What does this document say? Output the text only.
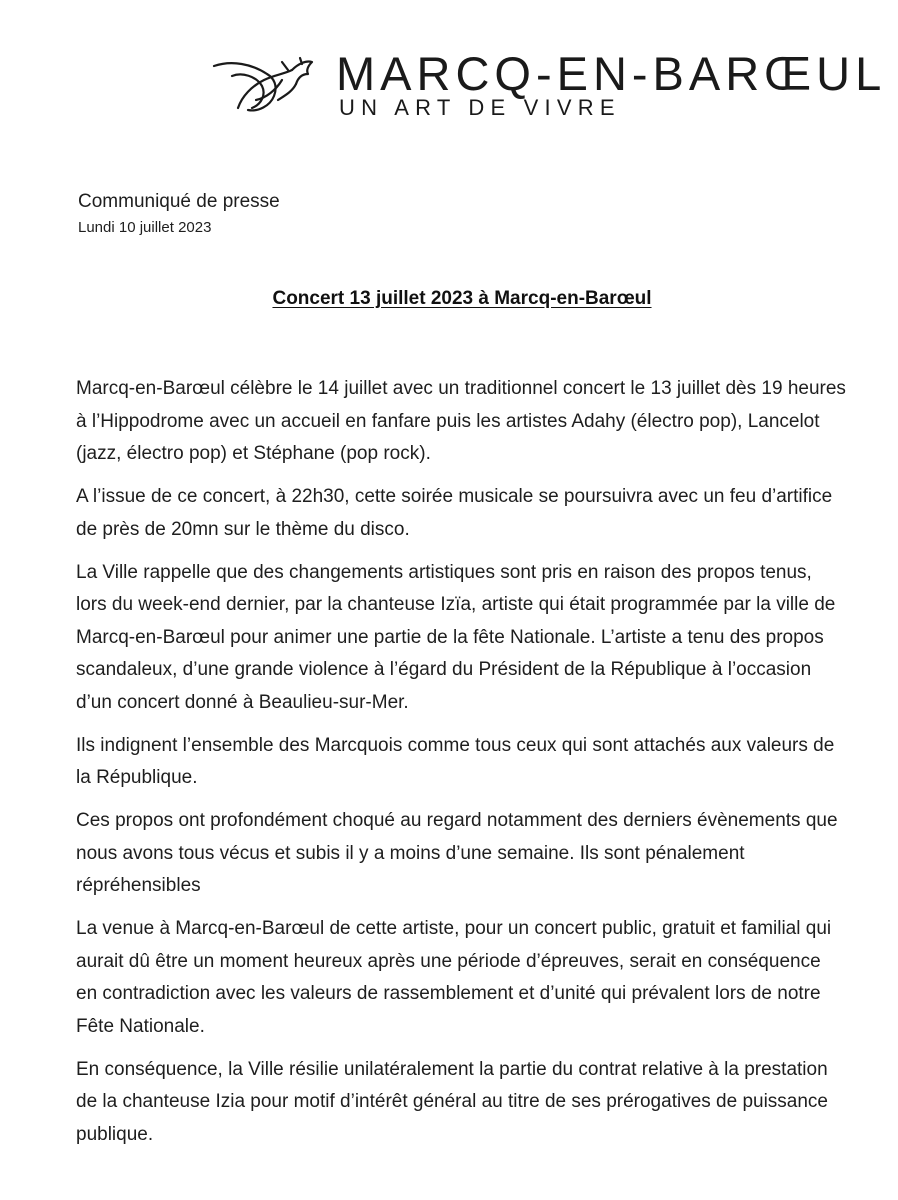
MARCQ-EN-BARŒUL
UN ART DE VIVRE
Communiqué de presse
Lundi 10 juillet 2023
Concert 13 juillet 2023 à Marcq-en-Barœul

Marcq-en-Barœul célèbre le 14 juillet avec un traditionnel concert le 13 juillet dès 19 heures à l’Hippodrome avec un accueil en fanfare puis les artistes Adahy (électro pop), Lancelot (jazz, électro pop) et Stéphane (pop rock).

A l’issue de ce concert, à 22h30, cette soirée musicale se poursuivra avec un feu d’artifice de près de 20mn sur le thème du disco.

La Ville rappelle que des changements artistiques sont pris en raison des propos tenus, lors du week-end dernier, par la chanteuse Izïa, artiste qui était programmée par la ville de Marcq-en-Barœul pour animer une partie de la fête Nationale. L’artiste a tenu des propos scandaleux, d’une grande violence à l’égard du Président de la République à l’occasion d’un concert donné à Beaulieu-sur-Mer.

Ils indignent l’ensemble des Marcquois comme tous ceux qui sont attachés aux valeurs de la République.

Ces propos ont profondément choqué au regard notamment des derniers évènements que nous avons tous vécus et subis il y a moins d’une semaine. Ils sont pénalement répréhensibles

La venue à Marcq-en-Barœul de cette artiste, pour un concert public, gratuit et familial qui aurait dû être un moment heureux après une période d’épreuves, serait en conséquence en contradiction avec les valeurs de rassemblement et d’unité qui prévalent lors de notre Fête Nationale.

En conséquence, la Ville résilie unilatéralement la partie du contrat relative à la prestation de la chanteuse Izia pour motif d’intérêt général au titre de ses prérogatives de puissance publique.
